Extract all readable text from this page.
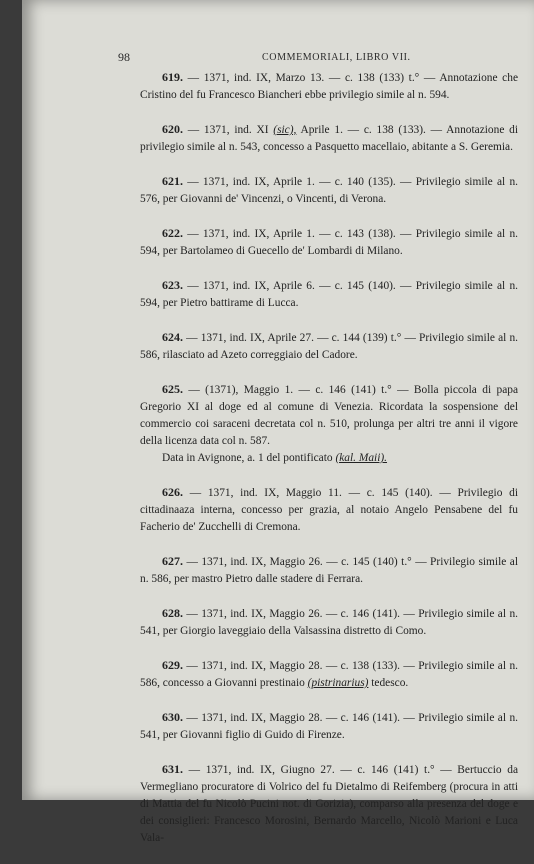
98	COMMEMORIALI, LIBRO VII.

619. — 1371, ind. IX, Marzo 13. — c. 138 (133) t.° — Annotazione che Cristino del fu Francesco Biancheri ebbe privilegio simile al n. 594.

620. — 1371, ind. XI (sic), Aprile 1. — c. 138 (133). — Annotazione di privilegio simile al n. 543, concesso a Pasquetto macellaio, abitante a S. Geremia.

621. — 1371, ind. IX, Aprile 1. — c. 140 (135). — Privilegio simile al n. 576, per Giovanni de' Vincenzi, o Vincenti, di Verona.

622. — 1371, ind. IX, Aprile 1. — c. 143 (138). — Privilegio simile al n. 594, per Bartolameo di Guecello de' Lombardi di Milano.

623. — 1371, ind. IX, Aprile 6. — c. 145 (140). — Privilegio simile al n. 594, per Pietro battirame di Lucca.

624. — 1371, ind. IX, Aprile 27. — c. 144 (139) t.° — Privilegio simile al n. 586, rilasciato ad Azeto correggiaio del Cadore.

625. — (1371), Maggio 1. — c. 146 (141) t.° — Bolla piccola di papa Gregorio XI al doge ed al comune di Venezia. Ricordata la sospensione del commercio coi saraceni decretata col n. 510, prolunga per altri tre anni il vigore della licenza data col n. 587.
Data in Avignone, a. 1 del pontificato (kal. Maii).

626. — 1371, ind. IX, Maggio 11. — c. 145 (140). — Privilegio di cittadinaaza interna, concesso per grazia, al notaio Angelo Pensabene del fu Facherio de' Zucchelli di Cremona.

627. — 1371, ind. IX, Maggio 26. — c. 145 (140) t.° — Privilegio simile al n. 586, per mastro Pietro dalle stadere di Ferrara.

628. — 1371, ind. IX, Maggio 26. — c. 146 (141). — Privilegio simile al n. 541, per Giorgio laveggiaio della Valsassina distretto di Como.

629. — 1371, ind. IX, Maggio 28. — c. 138 (133). — Privilegio simile al n. 586, concesso a Giovanni prestinaio (pistrinarius) tedesco.

630. — 1371, ind. IX, Maggio 28. — c. 146 (141). — Privilegio simile al n. 541, per Giovanni figlio di Guido di Firenze.

631. — 1371, ind. IX, Giugno 27. — c. 146 (141) t.° — Bertuccio da Vermegliano procuratore di Volrico del fu Dietalmo di Reifemberg (procura in atti di Mattia del fu Nicolò Pucini not. di Gorizia), comparso alla presenza del doge e dei consiglieri: Francesco Morosini, Bernardo Marcello, Nicolò Marioni e Luca Vala-
